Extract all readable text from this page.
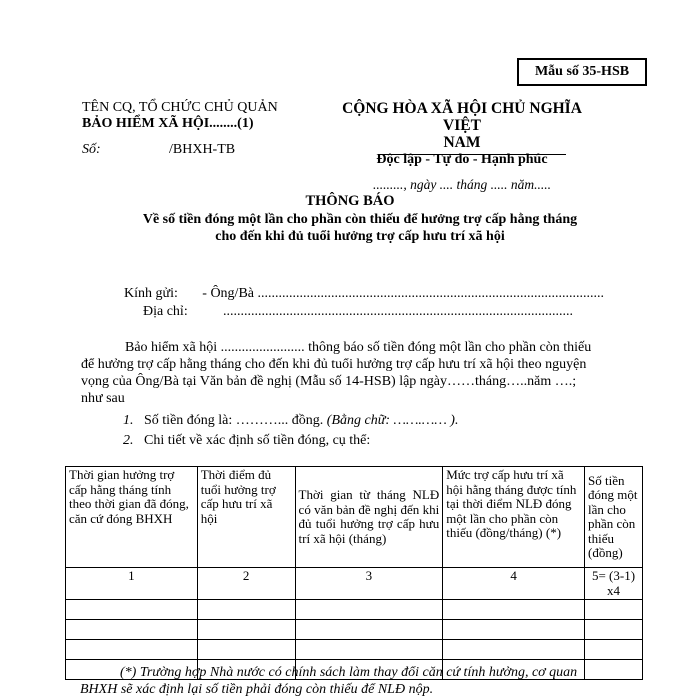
Mẫu số 35-HSB
TÊN CQ, TỔ CHỨC CHỦ QUẢN
BẢO HIỂM XÃ HỘI........(1)
Số:	/BHXH-TB
CỘNG HÒA XÃ HỘI CHỦ NGHĨA VIỆT
NAM
Độc lập - Tự do - Hạnh phúc
........., ngày .... tháng ..... năm.....
THÔNG BÁO
Về số tiền đóng một lần cho phần còn thiếu để hưởng trợ cấp hằng tháng
cho đến khi đủ tuổi hưởng trợ cấp hưu trí xã hội
Kính gửi:	- Ông/Bà ...................................................................................................
Địa chỉ:	....................................................................................................
Bảo hiểm xã hội ........................ thông báo số tiền đóng một lần cho phần còn thiếu
để hưởng trợ cấp hằng tháng cho đến khi đủ tuổi hưởng trợ cấp hưu trí xã hội theo nguyện
vọng của Ông/Bà tại Văn bản đề nghị (Mẫu số 14-HSB) lập ngày……tháng…..năm ….;
như sau
1. Số tiền đóng là: ………... đồng. (Bằng chữ: …….…… ).
2. Chi tiết về xác định số tiền đóng, cụ thể:
Thời gian hưởng trợ cấp hằng tháng tính theo thời gian đã đóng, căn cứ đóng BHXH	Thời điểm đủ tuổi hưởng trợ cấp hưu trí xã hội	Thời gian từ tháng NLĐ có văn bản đề nghị đến khi đủ tuổi hưởng trợ cấp hưu trí xã hội (tháng)	Mức trợ cấp hưu trí xã hội hằng tháng được tính tại thời điểm NLĐ đóng một lần cho phần còn thiếu (đồng/tháng) (*)	Số tiền đóng một lần cho phần còn thiếu (đồng)
1	2	3	4	5= (3-1) x4

(*) Trường hợp Nhà nước có chính sách làm thay đổi căn cứ tính hưởng, cơ quan
BHXH sẽ xác định lại số tiền phải đóng còn thiếu để NLĐ nộp.
